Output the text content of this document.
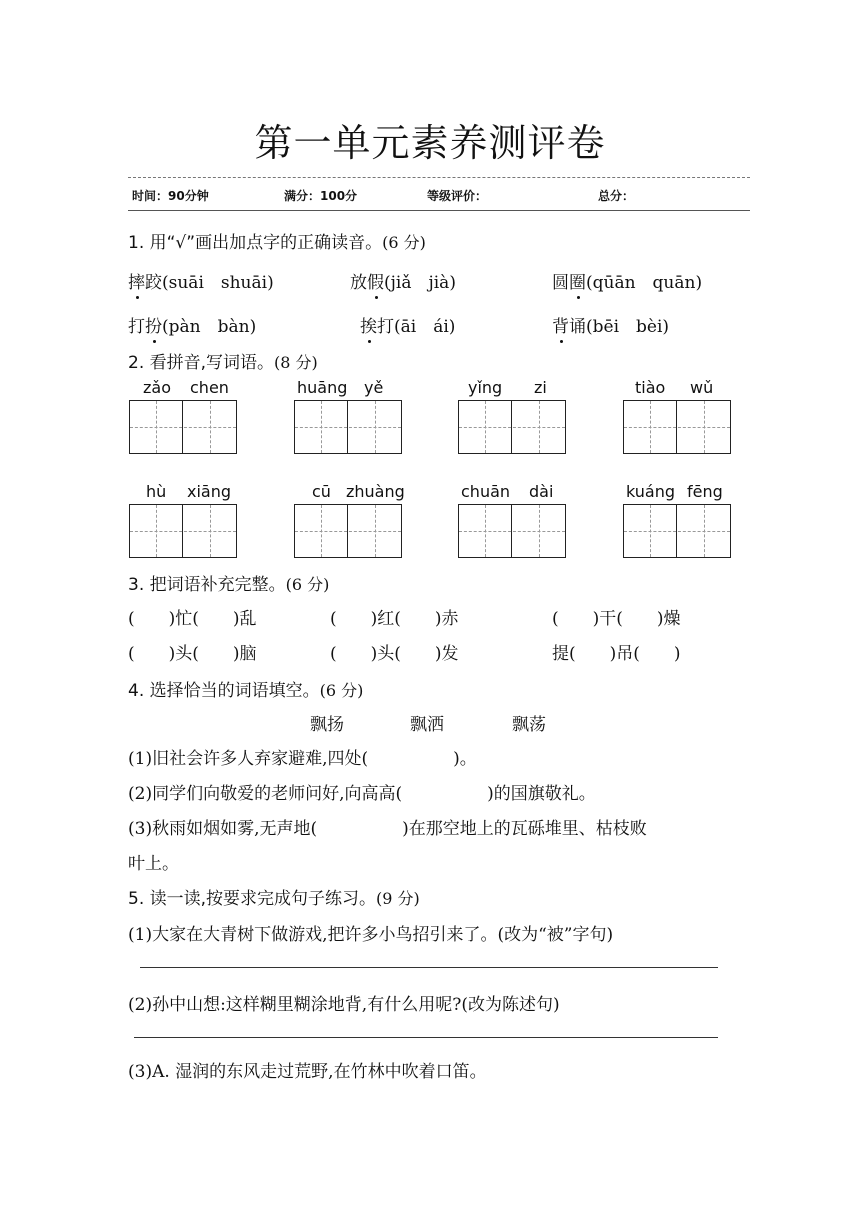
第一单元素养测评卷
时间：90分钟	满分：100分	等级评价：	总分：
1. 用“√”画出加点字的正确读音。(6 分)
摔跤(suāi　shuāi)	放假(jiǎ　jià)	圆圈(qūān　quān)
打扮(pàn　bàn)	挨打(āi　ái)	背诵(bēi　bèi)
2. 看拼音,写词语。(8 分)
zǎo chen	huāng yě	yǐng zi	tiào wǔ
hù xiāng	cū zhuàng	chuān dài	kuáng fēng
3. 把词语补充完整。(6 分)
(　　)忙(　　)乱	(　　)红(　　)赤	(　　)干(　　)燥
(　　)头(　　)脑	(　　)头(　　)发	提(　　)吊(　　)
4. 选择恰当的词语填空。(6 分)
飘扬	飘洒	飘荡
(1)旧社会许多人弃家避难,四处(　　　　　)。
(2)同学们向敬爱的老师问好,向高高(　　　　　)的国旗敬礼。
(3)秋雨如烟如雾,无声地(　　　　　)在那空地上的瓦砾堆里、枯枝败
叶上。
5. 读一读,按要求完成句子练习。(9 分)
(1)大家在大青树下做游戏,把许多小鸟招引来了。(改为“被”字句)
(2)孙中山想:这样糊里糊涂地背,有什么用呢?(改为陈述句)
(3)A. 湿润的东风走过荒野,在竹林中吹着口笛。
